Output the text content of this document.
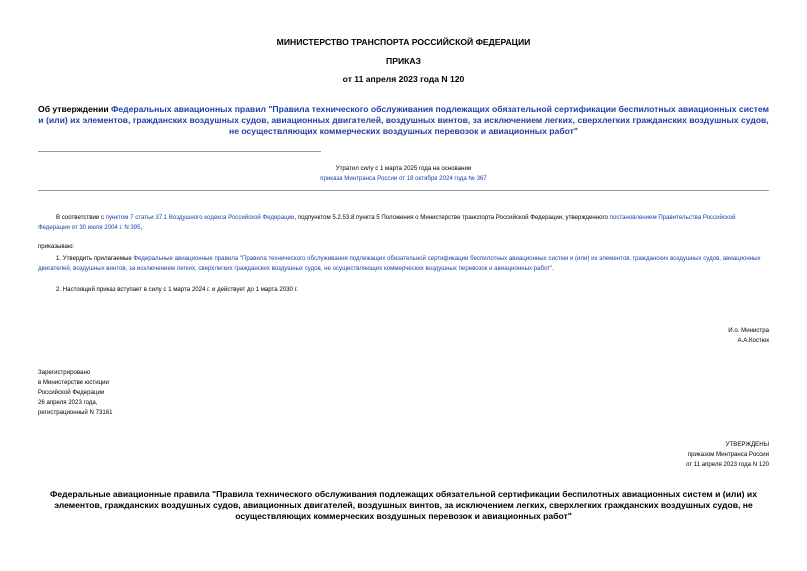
МИНИСТЕРСТВО ТРАНСПОРТА РОССИЙСКОЙ ФЕДЕРАЦИИ
ПРИКАЗ
от 11 апреля 2023 года N 120
Об утверждении Федеральных авиационных правил "Правила технического обслуживания подлежащих обязательной сертификации беспилотных авиационных систем и (или) их элементов, гражданских воздушных судов, авиационных двигателей, воздушных винтов, за исключением легких, сверхлегких гражданских воздушных судов, не осуществляющих коммерческих воздушных перевозок и авиационных работ"
Утратил силу с 1 марта 2025 года на основании
приказа Минтранса России от 18 октября 2024 года № 367
В соответствии с пунктом 7 статьи 37.1 Воздушного кодекса Российской Федерации, подпунктом 5.2.53.8 пункта 5 Положения о Министерстве транспорта Российской Федерации, утвержденного постановлением Правительства Российской Федерации от 30 июля 2004 г. N 395,
приказываю:
1. Утвердить прилагаемые Федеральные авиационные правила "Правила технического обслуживания подлежащих обязательной сертификации беспилотных авиационных систем и (или) их элементов, гражданских воздушных судов, авиационных двигателей, воздушных винтов, за исключением легких, сверхлегких гражданских воздушных судов, не осуществляющих коммерческих воздушных перевозок и авиационных работ".
2. Настоящий приказ вступает в силу с 1 марта 2024 г. и действует до 1 марта 2030 г.
И.о. Министра
А.А.Костюк
Зарегистрировано
в Министерстве юстиции
Российской Федерации
26 апреля 2023 года,
регистрационный N 73161
УТВЕРЖДЕНЫ
приказом Минтранса России
от 11 апреля 2023 года N 120
Федеральные авиационные правила "Правила технического обслуживания подлежащих обязательной сертификации беспилотных авиационных систем и (или) их элементов, гражданских воздушных судов, авиационных двигателей, воздушных винтов, за исключением легких, сверхлегких гражданских воздушных судов, не осуществляющих коммерческих воздушных перевозок и авиационных работ"
